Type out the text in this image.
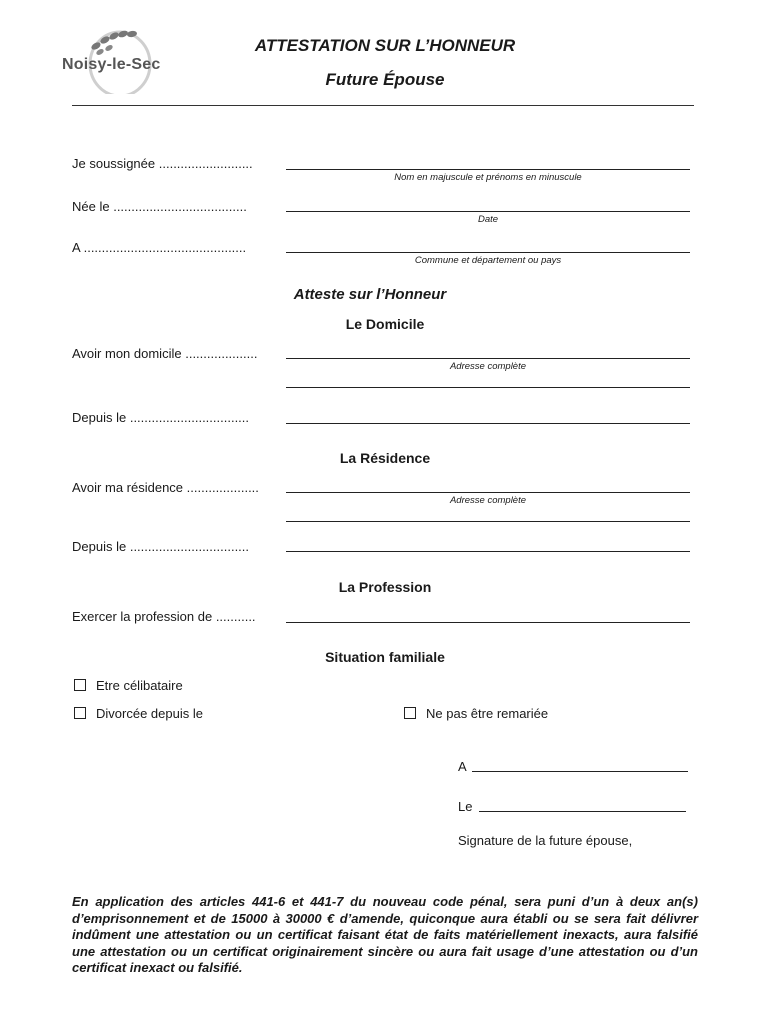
Noisy-le-Sec
ATTESTATION SUR L’HONNEUR
Future Épouse
Je soussignée ..........................
Nom en majuscule et prénoms en minuscule
Née le .....................................
Date
A .............................................
Commune et département ou pays
Atteste sur l’Honneur
Le Domicile
Avoir mon domicile ....................
Adresse complète
Depuis le .................................
La Résidence
Avoir ma résidence ....................
Adresse complète
Depuis le .................................
La Profession
Exercer la profession de ...........
Situation familiale
Etre célibataire
Divorcée depuis le	Ne pas être remariée
A
Le
Signature de la future épouse,
En application des articles 441-6 et 441-7 du nouveau code pénal, sera puni d’un à deux an(s) d’emprisonnement et de 15000 à 30000 € d’amende, quiconque aura établi ou se sera fait délivrer indûment une attestation ou un certificat faisant état de faits matériellement inexacts, aura falsifié une attestation ou un certificat originairement sincère ou aura fait usage d’une attestation ou d’un certificat inexact ou falsifié.
